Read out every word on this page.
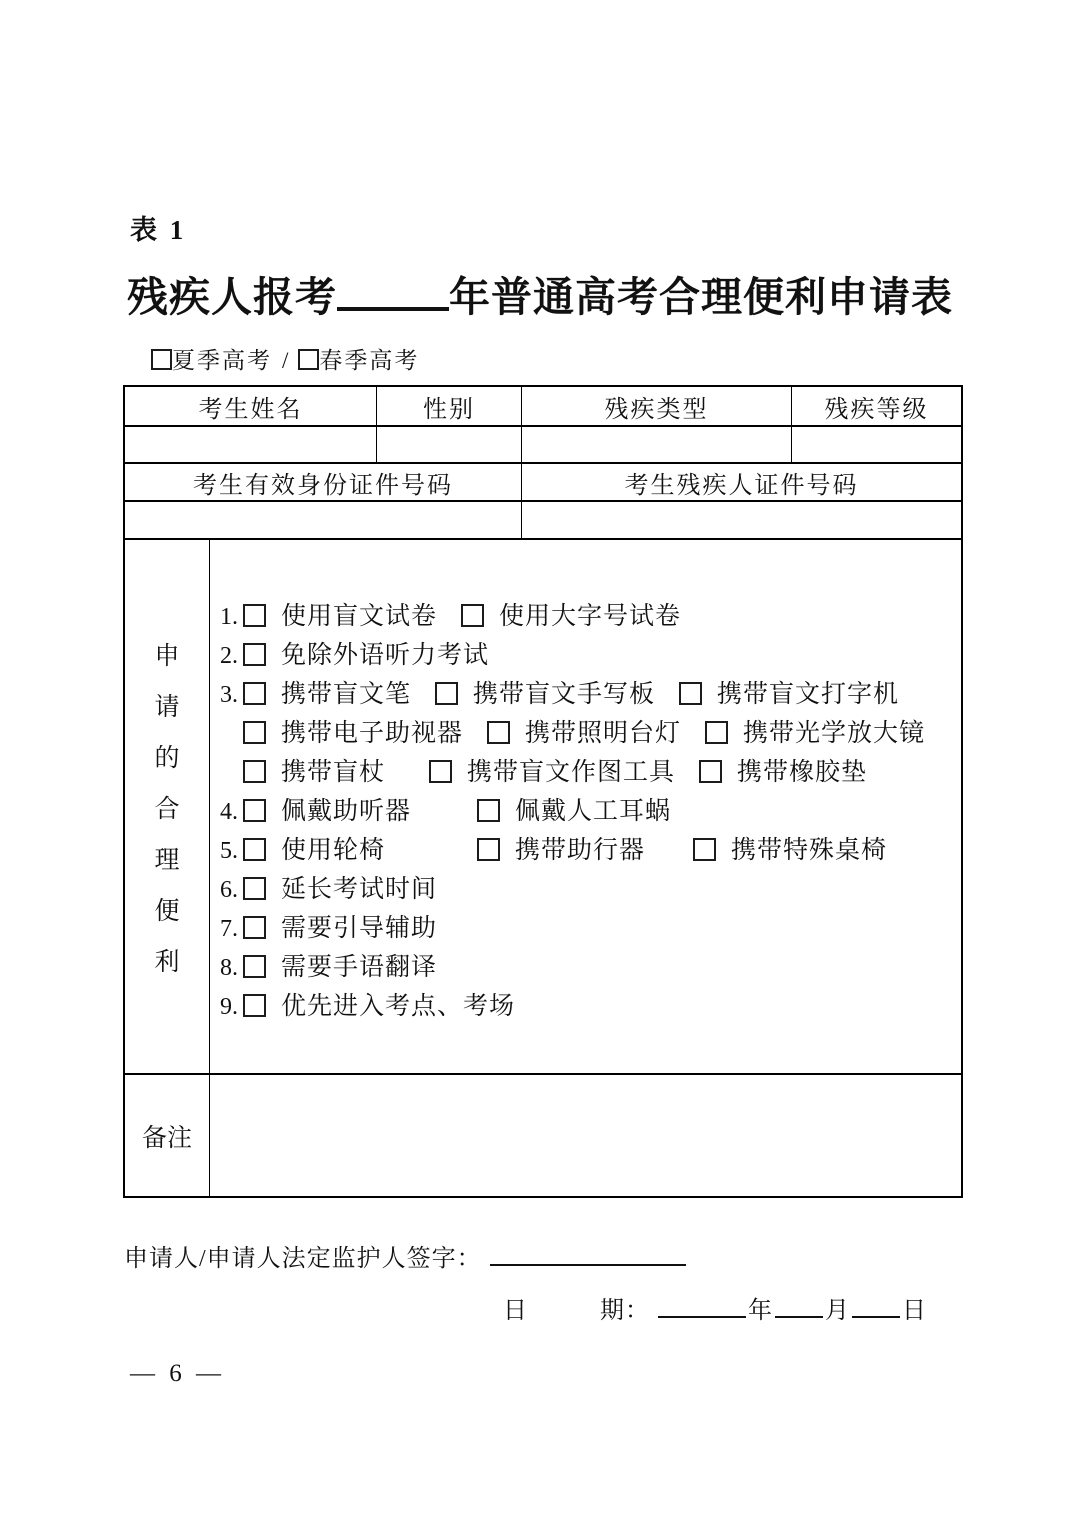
表 1
残疾人报考	年普通高考合理便利申请表
夏季高考 / 春季高考
考生姓名	性别	残疾类型	残疾等级
考生有效身份证件号码	考生残疾人证件号码
申
请
的
合
理
便
利
1. 使用盲文试卷 使用大字号试卷
2. 免除外语听力考试
3. 携带盲文笔 携带盲文手写板 携带盲文打字机
携带电子助视器 携带照明台灯 携带光学放大镜
携带盲杖	携带盲文作图工具 携带橡胶垫
4. 佩戴助听器	佩戴人工耳蜗
5. 使用轮椅	携带助行器	携带特殊桌椅
6. 延长考试时间
7. 需要引导辅助
8. 需要手语翻译
9. 优先进入考点、考场
备注
申请人/申请人法定监护人签字：
日	期：	年 月 日
— 6 —
